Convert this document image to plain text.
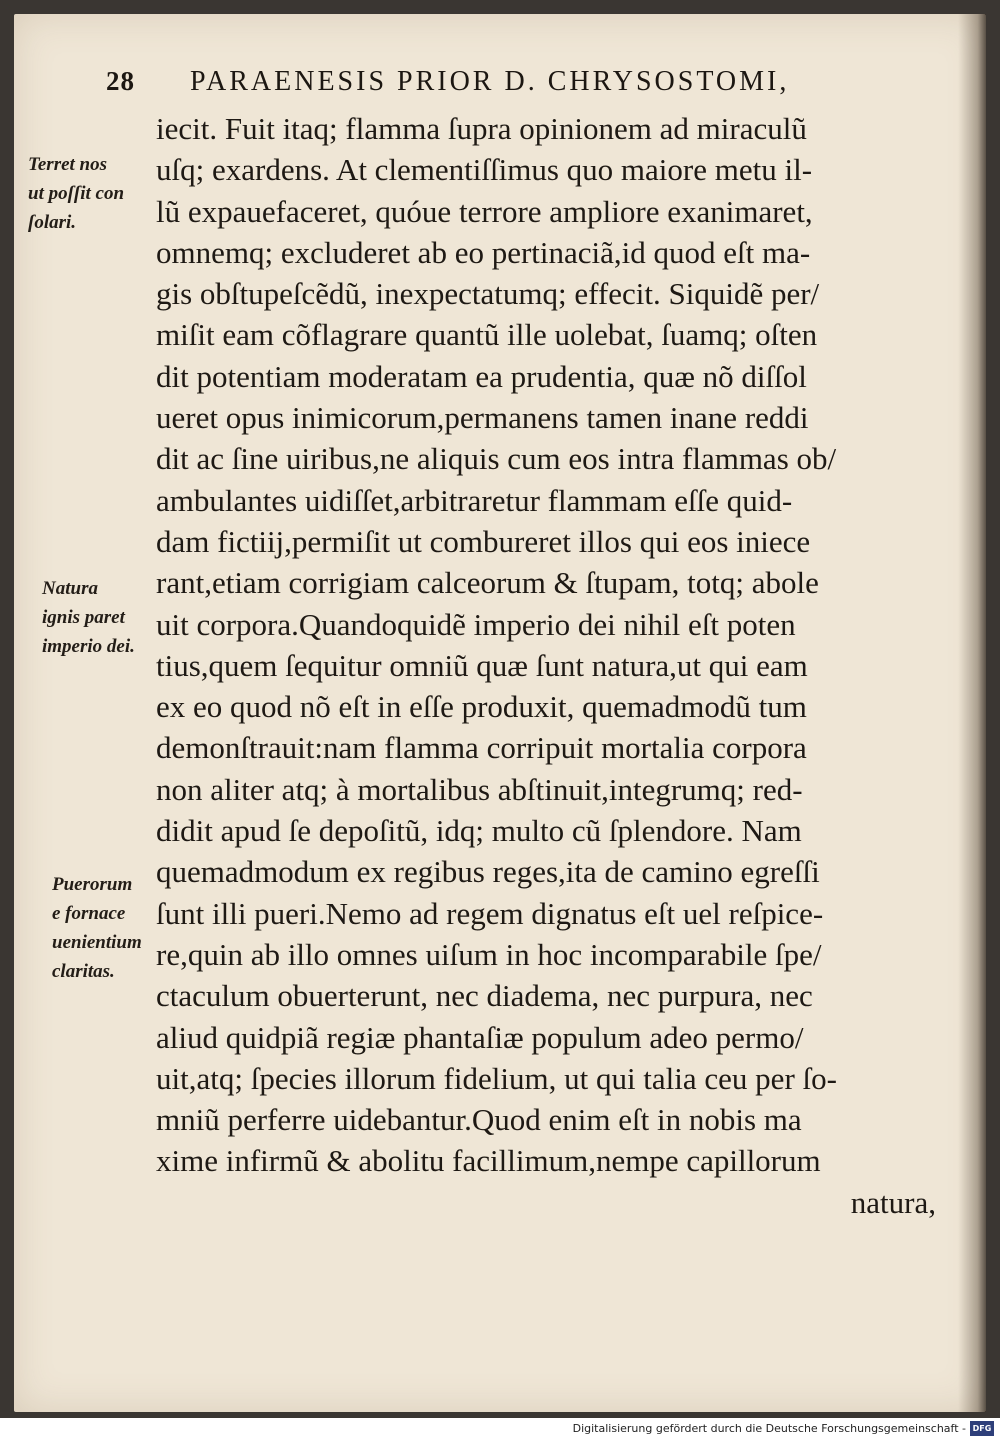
28 PARAENESIS PRIOR D. CHRYSOSTOMI,
iecit. Fuit itaq; flamma ſupra opinionem ad miraculũ
uſq; exardens. At clementiſſimus quo maiore metu il-
lũ expauefaceret, quóue terrore ampliore exanimaret,
omnemq; excluderet ab eo pertinaciã,id quod eſt ma-
gis obſtupeſcẽdũ, inexpectatumq; effecit. Siquidẽ per/
miſit eam cõflagrare quantũ ille uolebat, ſuamq; oſten
dit potentiam moderatam ea prudentia, quæ nõ diſſol
ueret opus inimicorum,permanens tamen inane reddi
dit ac ſine uiribus,ne aliquis cum eos intra flammas ob/
ambulantes uidiſſet,arbitraretur flammam eſſe quid-
dam fictiĳ,permiſit ut combureret illos qui eos iniece
rant,etiam corrigiam calceorum & ſtupam, totq; abole
uit corpora.Quandoquidẽ imperio dei nihil eſt poten
tius,quem ſequitur omniũ quæ ſunt natura,ut qui eam
ex eo quod nõ eſt in eſſe produxit, quemadmodũ tum
demonſtrauit:nam flamma corripuit mortalia corpora
non aliter atq; à mortalibus abſtinuit,integrumq; red-
didit apud ſe depoſitũ, idq; multo cũ ſplendore. Nam
quemadmodum ex regibus reges,ita de camino egreſſi
ſunt illi pueri.Nemo ad regem dignatus eſt uel reſpice-
re,quin ab illo omnes uiſum in hoc incomparabile ſpe/
ctaculum obuerterunt, nec diadema, nec purpura, nec
aliud quidpiã regiæ phantaſiæ populum adeo permo/
uit,atq; ſpecies illorum fidelium, ut qui talia ceu per ſo-
mniũ perferre uidebantur.Quod enim eſt in nobis ma
xime infirmũ & abolitu facillimum,nempe capillorum
natura,
Terret nos
ut poſſit con
ſolari.
Natura
ignis paret
imperio dei.
Puerorum
e fornace
uenientium
claritas.
Digitalisierung gefördert durch die Deutsche Forschungsgemeinschaft - DFG
